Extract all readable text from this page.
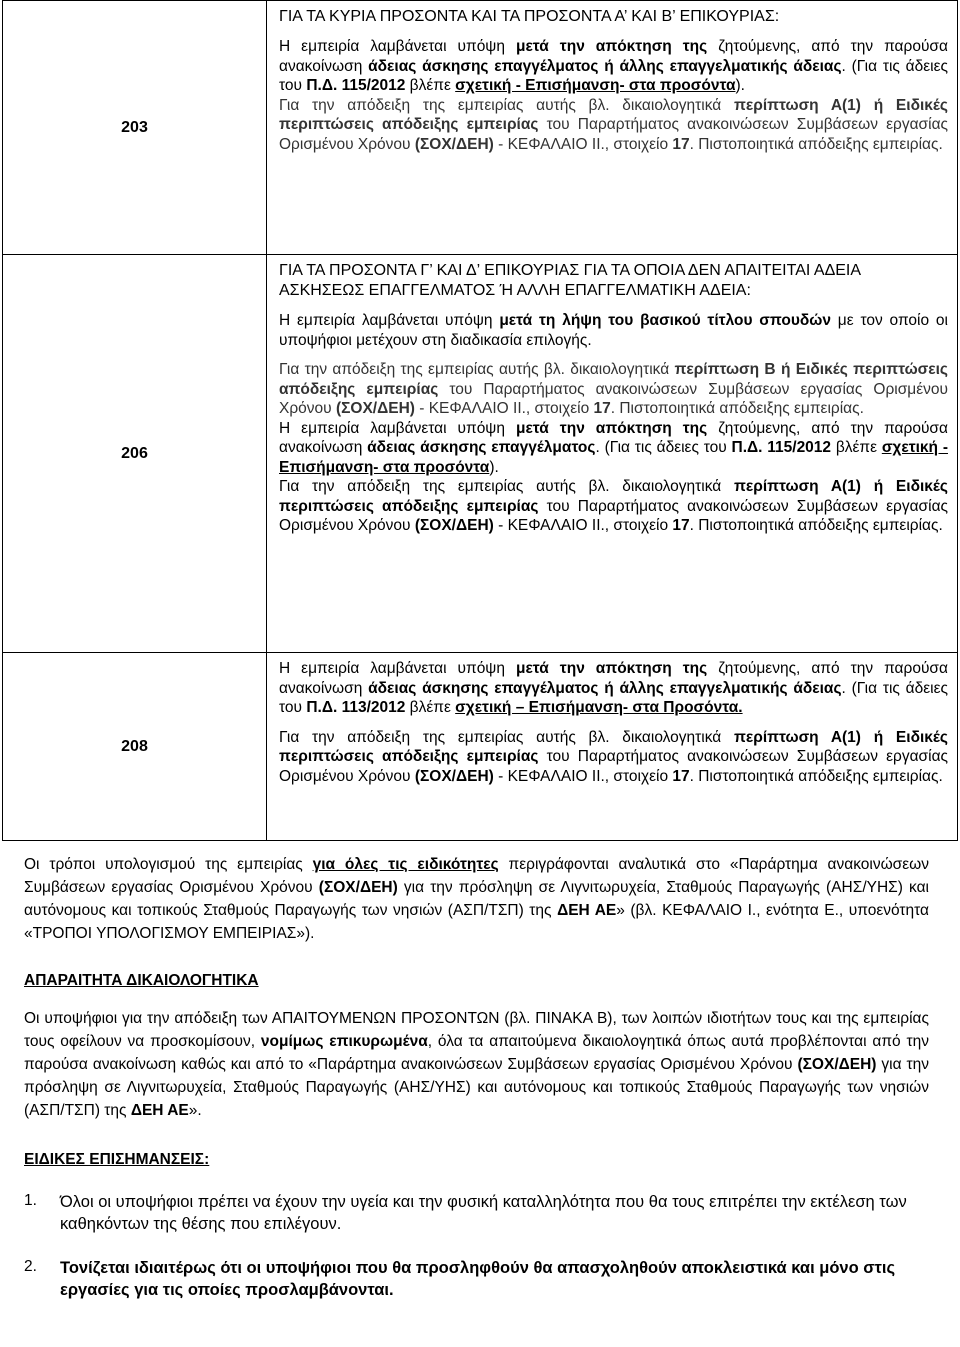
203	ΓΙΑ ΤΑ ΚΥΡΙΑ ΠΡΟΣΟΝΤΑ ΚΑΙ ΤΑ ΠΡΟΣΟΝΤΑ Α’ ΚΑΙ Β’ ΕΠΙΚΟΥΡΙΑΣ:

Η εμπειρία λαμβάνεται υπόψη μετά την απόκτηση της ζητούμενης, από την παρούσα ανακοίνωση άδειας άσκησης επαγγέλματος ή άλλης επαγγελματικής άδειας. (Για τις άδειες του Π.Δ. 115/2012 βλέπε σχετική - Επισήμανση- στα προσόντα).

Για την απόδειξη της εμπειρίας αυτής βλ. δικαιολογητικά περίπτωση Α(1) ή Ειδικές περιπτώσεις απόδειξης εμπειρίας του Παραρτήματος ανακοινώσεων Συμβάσεων εργασίας Ορισμένου Χρόνου (ΣΟΧ/ΔΕΗ) - ΚΕΦΑΛΑΙΟ ΙΙ., στοιχείο 17. Πιστοποιητικά απόδειξης εμπειρίας.

206	ΓΙΑ ΤΑ ΠΡΟΣΟΝΤΑ Γ’ ΚΑΙ Δ’ ΕΠΙΚΟΥΡΙΑΣ ΓΙΑ ΤΑ ΟΠΟΙΑ ΔΕΝ ΑΠΑΙΤΕΙΤΑΙ ΑΔΕΙΑ ΑΣΚΗΣΕΩΣ ΕΠΑΓΓΕΛΜΑΤΟΣ Ή ΑΛΛΗ ΕΠΑΓΓΕΛΜΑΤΙΚΗ ΑΔΕΙΑ:

Η εμπειρία λαμβάνεται υπόψη μετά τη λήψη του βασικού τίτλου σπουδών με τον οποίο οι υποψήφιοι μετέχουν στη διαδικασία επιλογής.

Για την απόδειξη της εμπειρίας αυτής βλ. δικαιολογητικά περίπτωση Β ή Ειδικές περιπτώσεις απόδειξης εμπειρίας του Παραρτήματος ανακοινώσεων Συμβάσεων εργασίας Ορισμένου Χρόνου (ΣΟΧ/ΔΕΗ) - ΚΕΦΑΛΑΙΟ ΙΙ., στοιχείο 17. Πιστοποιητικά απόδειξης εμπειρίας.

Η εμπειρία λαμβάνεται υπόψη μετά την απόκτηση της ζητούμενης, από την παρούσα ανακοίνωση άδειας άσκησης επαγγέλματος. (Για τις άδειες του Π.Δ. 115/2012 βλέπε σχετική - Επισήμανση- στα προσόντα).

Για την απόδειξη της εμπειρίας αυτής βλ. δικαιολογητικά περίπτωση Α(1) ή Ειδικές περιπτώσεις απόδειξης εμπειρίας του Παραρτήματος ανακοινώσεων Συμβάσεων εργασίας Ορισμένου Χρόνου (ΣΟΧ/ΔΕΗ) - ΚΕΦΑΛΑΙΟ ΙΙ., στοιχείο 17. Πιστοποιητικά απόδειξης εμπειρίας.

208	Η εμπειρία λαμβάνεται υπόψη μετά την απόκτηση της ζητούμενης, από την παρούσα ανακοίνωση άδειας άσκησης επαγγέλματος ή άλλης επαγγελματικής άδειας. (Για τις άδειες του Π.Δ. 113/2012 βλέπε σχετική – Επισήμανση- στα Προσόντα.

Για την απόδειξη της εμπειρίας αυτής βλ. δικαιολογητικά περίπτωση Α(1) ή Ειδικές περιπτώσεις απόδειξης εμπειρίας του Παραρτήματος ανακοινώσεων Συμβάσεων εργασίας Ορισμένου Χρόνου (ΣΟΧ/ΔΕΗ) - ΚΕΦΑΛΑΙΟ ΙΙ., στοιχείο 17. Πιστοποιητικά απόδειξης εμπειρίας.

Οι τρόποι υπολογισμού της εμπειρίας για όλες τις ειδικότητες περιγράφονται αναλυτικά στο «Παράρτημα ανακοινώσεων Συμβάσεων εργασίας Ορισμένου Χρόνου (ΣΟΧ/ΔΕΗ) για την πρόσληψη σε Λιγνιτωρυχεία, Σταθμούς Παραγωγής (ΑΗΣ/ΥΗΣ) και αυτόνομους και τοπικούς Σταθμούς Παραγωγής των νησιών (ΑΣΠ/ΤΣΠ) της ΔΕΗ ΑΕ» (βλ. ΚΕΦΑΛΑΙΟ Ι., ενότητα Ε., υποενότητα «ΤΡΟΠΟΙ ΥΠΟΛΟΓΙΣΜΟΥ ΕΜΠΕΙΡΙΑΣ»).

ΑΠΑΡΑΙΤΗΤΑ ΔΙΚΑΙΟΛΟΓΗΤΙΚΑ

Οι υποψήφιοι για την απόδειξη των ΑΠΑΙΤΟΥΜΕΝΩΝ ΠΡΟΣΟΝΤΩΝ (βλ. ΠΙΝΑΚΑ Β), των λοιπών ιδιοτήτων τους και της εμπειρίας τους οφείλουν να προσκομίσουν, νομίμως επικυρωμένα, όλα τα απαιτούμενα δικαιολογητικά όπως αυτά προβλέπονται από την παρούσα ανακοίνωση καθώς και από το «Παράρτημα ανακοινώσεων Συμβάσεων εργασίας Ορισμένου Χρόνου (ΣΟΧ/ΔΕΗ) για την πρόσληψη σε Λιγνιτωρυχεία, Σταθμούς Παραγωγής (ΑΗΣ/ΥΗΣ) και αυτόνομους και τοπικούς Σταθμούς Παραγωγής των νησιών (ΑΣΠ/ΤΣΠ) της ΔΕΗ ΑΕ».

ΕΙΔΙΚΕΣ ΕΠΙΣΗΜΑΝΣΕΙΣ:
1.	Όλοι οι υποψήφιοι πρέπει να έχουν την υγεία και την φυσική καταλληλότητα που θα τους επιτρέπει την εκτέλεση των καθηκόντων της θέσης που επιλέγουν.
2.	Τονίζεται ιδιαιτέρως ότι οι υποψήφιοι που θα προσληφθούν θα απασχοληθούν αποκλειστικά και μόνο στις εργασίες για τις οποίες προσλαμβάνονται.
